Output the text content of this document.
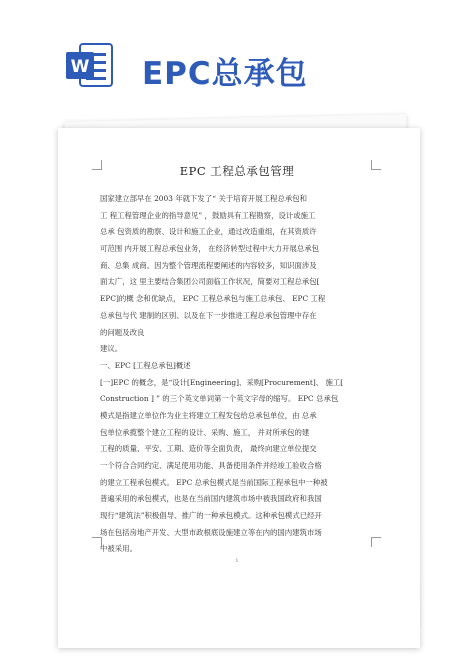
W EPC总承包
EPC 工程总承包管理
国家建立部早在 2003 年就下发了“ 关于培育开展工程总承包和
工 程工程管理企业的指导意见” ，鼓励具有工程勘察，设计或施工
总承 包资质的勘察、设计和施工企业，通过改造重组，在其资质许
可范围 内开展工程总承包业务， 在经济转型过程中大力开展总承包
商、总集 成商。因为整个管理流程要阐述的内容较多，知识面涉及
面太广，这 里主要结合集团公司面临工作状况，简要对工程总承包[
EPC]的概 念和优缺点， EPC 工程总承包与施工总承包、 EPC 工程
总承包与代 建制的区别、以及在下一步推进工程总承包管理中存在
的问题及改良
建议。
一、EPC [工程总承包]概述
[一]EPC 的概念，是“设计[Engineering]、采购[Procurement]、 施工[
Construction ] ” 的三个英文单词第一个英文字母的缩写。 EPC 总承包
模式是指建立单位作为业主将建立工程发包给总承包单位，由 总承
包单位承揽整个建立工程的设计、采购、施工， 并对所承包的建
工程的质量、平安、工期、造价等全面负责， 最终向建立单位提交
一个符合合同约定、满足使用功能、具备使用条件并经竣工验收合格
的建立工程承包模式。 EPC 总承包模式是当前国际工程承包中一种被
普遍采用的承包模式，也是在当前国内建筑市场中被我国政府和我国
现行“建筑法”积极倡导、推广的一种承包模式。这种承包模式已经开
场在包括房地产开发、大型市政根底设施建立等在内的国内建筑市场
中被采用。
1
